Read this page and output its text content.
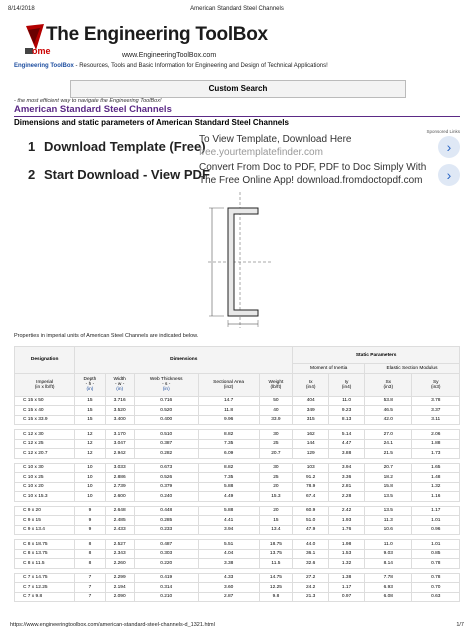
8/14/2018	American Standard Steel Channels
The Engineering ToolBox
ome	www.EngineeringToolBox.com
Engineering ToolBox - Resources, Tools and Basic Information for Engineering and Design of Technical Applications!
Custom Search
- the most efficient way to navigate the Engineering ToolBox!
American Standard Steel Channels
Dimensions and static parameters of American Standard Steel Channels
Sponsored Links
1 Download Template (Free)
To View Template, Download Here
free.yourtemplatefinder.com	›
2 Start Download - View PDF
Convert From Doc to PDF, PDF to Doc Simply With
The Free Online App! download.fromdoctopdf.com	›
Properties in imperial units of American Steel Channels are indicated below.
Designation	Dimensions					Static Parameters			
						Moment of Inertia		Elastic Section Modulus	
Imperial
(in x lb/ft)	Depth
- h -
(in)	Width
- w -
(in)	Web Thickness
- s -
(in)	Sectional Area
(in2)	Weight
(lb/ft)	Ix
(in4)	Iy
(in4)	Sx
(in3)	Sy
(in3)
C 15 x 50	15	3.716	0.716	14.7	50	404	11.0	53.8	3.78
C 15 x 40	15	3.520	0.520	11.8	40	349	9.23	46.5	3.37
C 15 x 33.9	15	3.400	0.400	9.96	33.9	315	8.13	42.0	3.11

C 12 x 30	12	3.170	0.510	8.82	30	162	5.14	27.0	2.06
C 12 x 25	12	3.047	0.387	7.35	25	144	4.47	24.1	1.88
C 12 x 20.7	12	2.942	0.282	6.09	20.7	129	3.88	21.5	1.73

C 10 x 30	10	3.033	0.673	8.82	30	103	3.94	20.7	1.65
C 10 x 25	10	2.886	0.526	7.35	25	91.2	3.36	18.2	1.48
C 10 x 20	10	2.739	0.379	5.88	20	78.9	2.81	15.8	1.32
C 10 x 15.3	10	2.600	0.240	4.49	15.3	67.4	2.28	13.5	1.16

C 9 x 20	9	2.648	0.448	5.88	20	60.9	2.42	13.5	1.17
C 9 x 15	9	2.485	0.285	4.41	15	51.0	1.93	11.3	1.01
C 9 x 13.4	9	2.433	0.233	3.94	13.4	47.9	1.76	10.6	0.96

C 8 x 18.75	8	2.527	0.487	5.51	18.75	44.0	1.98	11.0	1.01
C 8 x 13.75	8	2.343	0.303	4.04	13.75	36.1	1.53	9.03	0.85
C 8 x 11.5	8	2.260	0.220	3.38	11.5	32.6	1.32	8.14	0.78

C 7 x 14.75	7	2.299	0.419	4.33	14.75	27.2	1.38	7.78	0.78
C 7 x 12.25	7	2.194	0.314	3.60	12.25	24.2	1.17	6.93	0.70
C 7 x 9.8	7	2.090	0.210	2.87	9.8	21.3	0.97	6.08	0.63
https://www.engineeringtoolbox.com/american-standard-steel-channels-d_1321.html	1/7
